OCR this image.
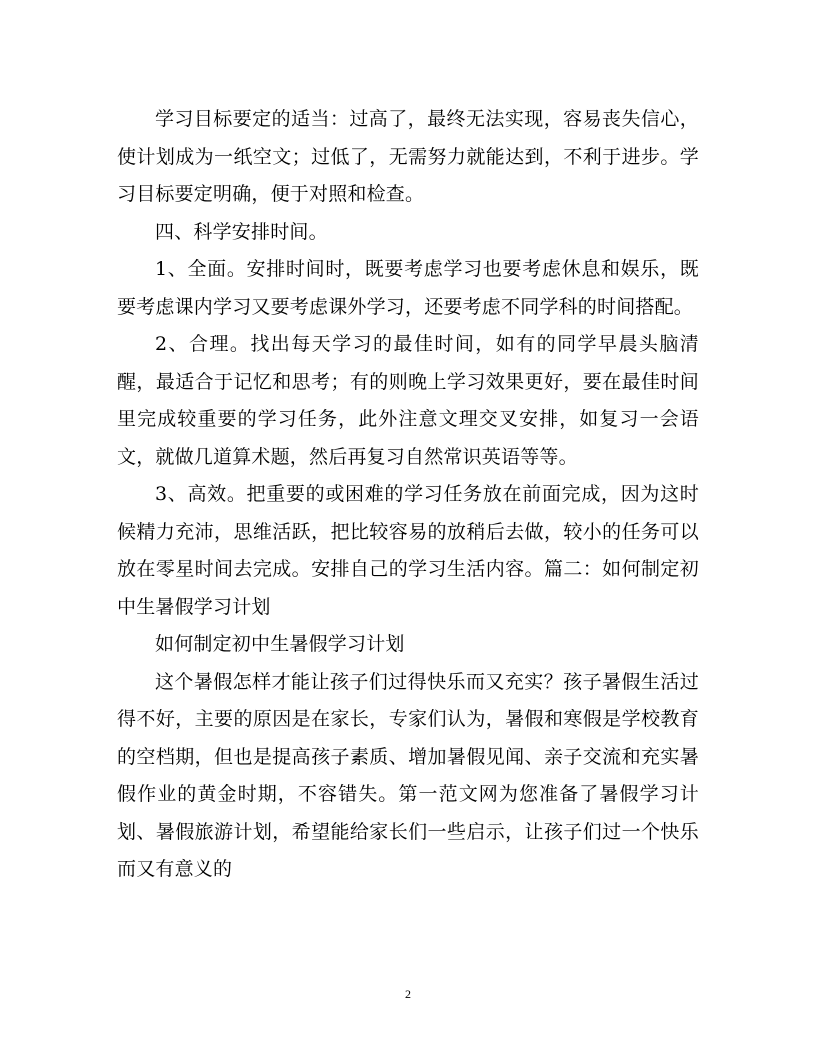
学习目标要定的适当：过高了，最终无法实现，容易丧失信心，使计划成为一纸空文；过低了，无需努力就能达到，不利于进步。学习目标要定明确，便于对照和检查。

四、科学安排时间。

1、全面。安排时间时，既要考虑学习也要考虑休息和娱乐，既要考虑课内学习又要考虑课外学习，还要考虑不同学科的时间搭配。

2、合理。找出每天学习的最佳时间，如有的同学早晨头脑清醒，最适合于记忆和思考；有的则晚上学习效果更好，要在最佳时间里完成较重要的学习任务，此外注意文理交叉安排，如复习一会语文，就做几道算术题，然后再复习自然常识英语等等。

3、高效。把重要的或困难的学习任务放在前面完成，因为这时候精力充沛，思维活跃，把比较容易的放稍后去做，较小的任务可以放在零星时间去完成。安排自己的学习生活内容。篇二：如何制定初中生暑假学习计划

如何制定初中生暑假学习计划

这个暑假怎样才能让孩子们过得快乐而又充实？孩子暑假生活过得不好，主要的原因是在家长，专家们认为，暑假和寒假是学校教育的空档期，但也是提高孩子素质、增加暑假见闻、亲子交流和充实暑假作业的黄金时期，不容错失。第一范文网为您准备了暑假学习计划、暑假旅游计划，希望能给家长们一些启示，让孩子们过一个快乐而又有意义的

2
